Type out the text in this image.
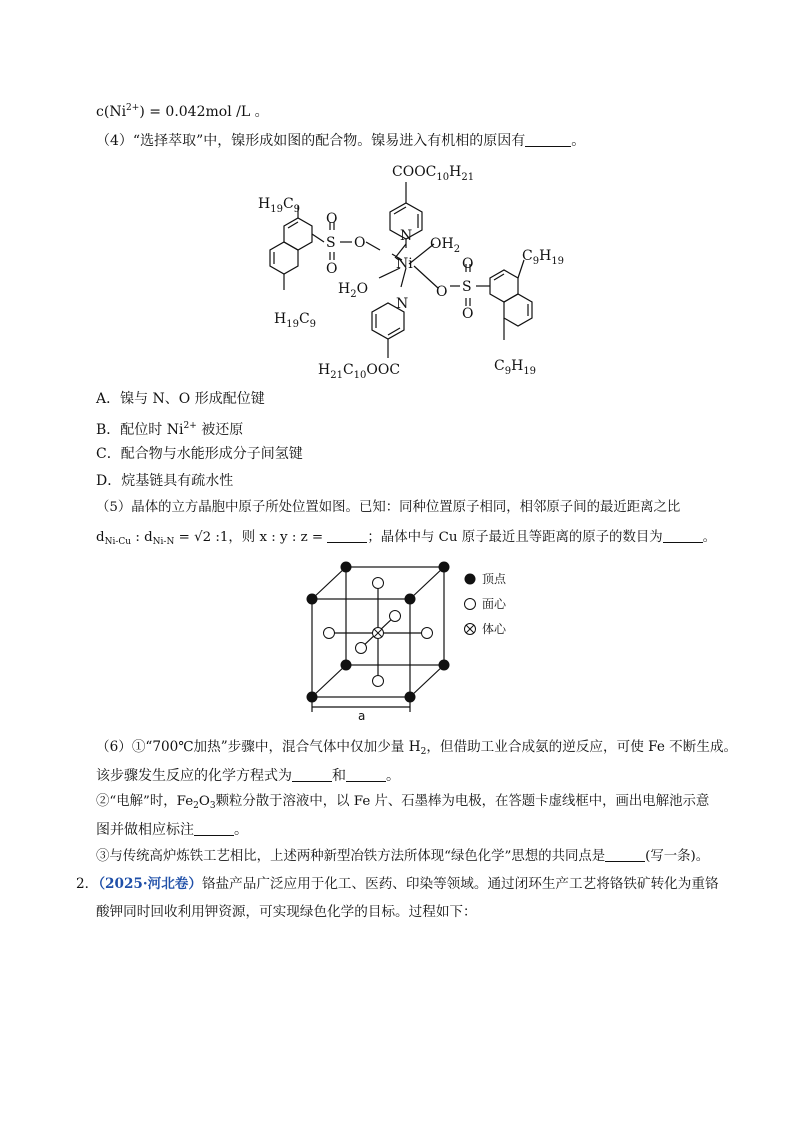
$c(Ni^{2+}) = 0.042mol$ /L 。
（4）“选择萃取”中，镍形成如图的配合物。镍易进入有机相的原因有	。
$COOC_{10}H_{21}$
$H_{19}C_9$
$H_{19}C_9$
S
O
O
O N
Ni
$OH_2$
$H_2O$
N
O S
O
O
$C_9H_{19}$
$C_9H_{19}$
$H_{21}C_{10}OOC$
A．镍与 N、O 形成配位键
B．配位时 $Ni^{2+}$ 被还原
C．配合物与水能形成分子间氢键
D．烷基链具有疏水性
（5）晶体的立方晶胞中原子所处位置如图。已知：同种位置原子相同，相邻原子间的最近距离之比
$d_{Ni-Cu}$ : $d_{Ni-N} = √2$ :1，则 x : y : z =	；晶体中与 Cu 原子最近且等距离的原子的数目为	。
顶点
面心
体心
a
（6）①“700℃加热”步骤中，混合气体中仅加少量 $H_2$，但借助工业合成氨的逆反应，可使 Fe 不断生成。
该步骤发生反应的化学方程式为	和	。
②“电解”时，$Fe_2O_3$颗粒分散于溶液中，以 Fe 片、石墨棒为电极，在答题卡虚线框中，画出电解池示意
图并做相应标注	。
③与传统高炉炼铁工艺相比，上述两种新型冶铁方法所体现“绿色化学”思想的共同点是	(写一条)。
2．（2025·河北卷）铬盐产品广泛应用于化工、医药、印染等领域。通过闭环生产工艺将铬铁矿转化为重铬
酸钾同时回收利用钾资源，可实现绿色化学的目标。过程如下：
